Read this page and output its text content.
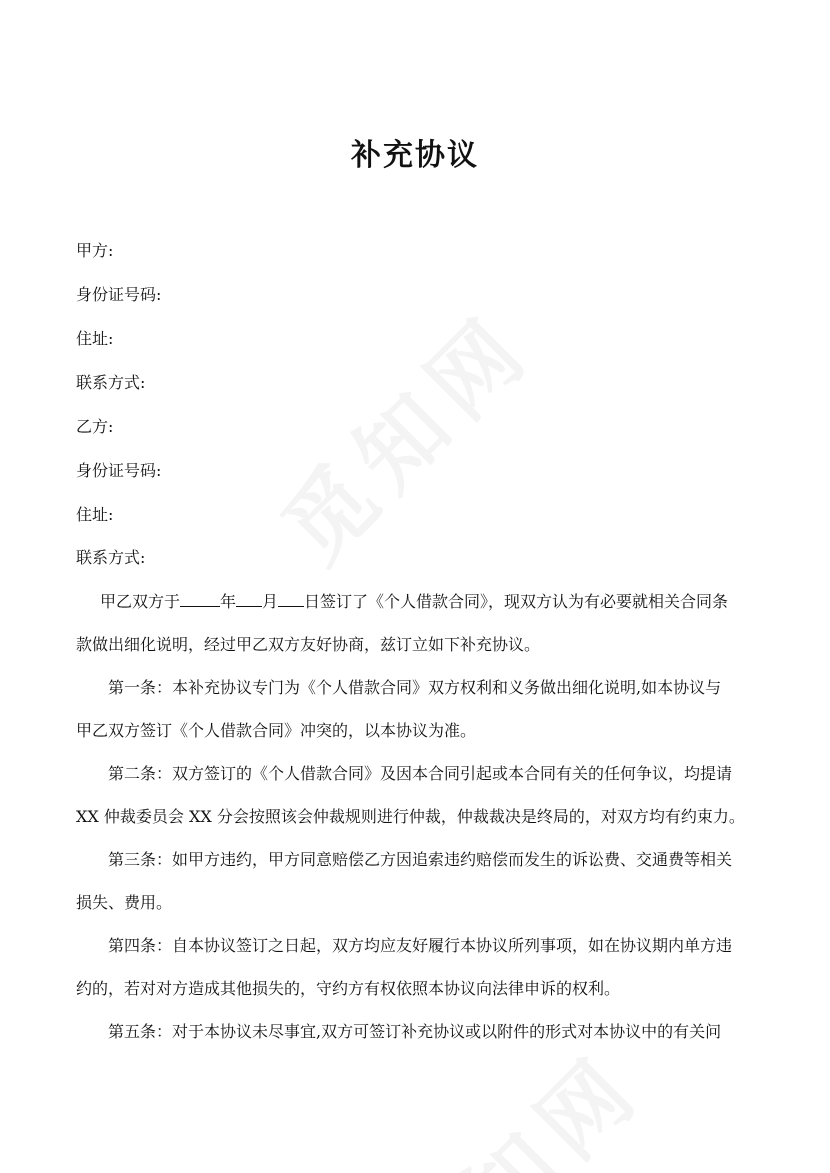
补充协议
甲方:
身份证号码:
住址:
联系方式:
乙方:
身份证号码:
住址:
联系方式:
甲乙双方于	年 月 日签订了《个人借款合同》，现双方认为有必要就相关合同条
款做出细化说明，经过甲乙双方友好协商，兹订立如下补充协议。
第一条：本补充协议专门为《个人借款合同》双方权利和义务做出细化说明,如本协议与
甲乙双方签订《个人借款合同》冲突的，以本协议为准。
第二条：双方签订的《个人借款合同》及因本合同引起或本合同有关的任何争议，均提请
XX 仲裁委员会 XX 分会按照该会仲裁规则进行仲裁，仲裁裁决是终局的，对双方均有约束力。
第三条：如甲方违约，甲方同意赔偿乙方因追索违约赔偿而发生的诉讼费、交通费等相关
损失、费用。
第四条：自本协议签订之日起，双方均应友好履行本协议所列事项，如在协议期内单方违
约的，若对对方造成其他损失的，守约方有权依照本协议向法律申诉的权利。
第五条：对于本协议未尽事宜,双方可签订补充协议或以附件的形式对本协议中的有关问
